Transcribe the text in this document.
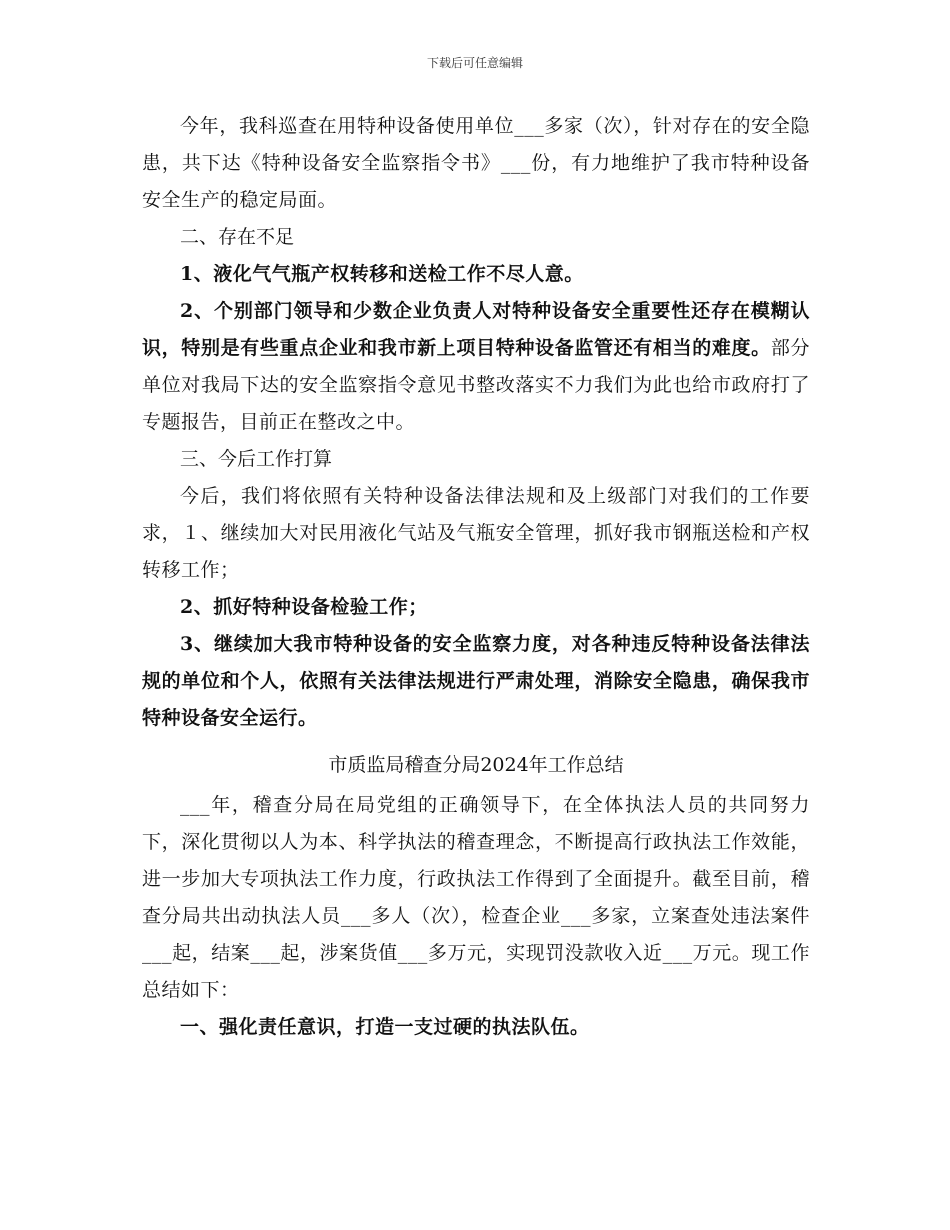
下载后可任意编辑

今年，我科巡查在用特种设备使用单位___多家（次），针对存在的安全隐患，共下达《特种设备安全监察指令书》___份，有力地维护了我市特种设备安全生产的稳定局面。

二、存在不足

1、液化气气瓶产权转移和送检工作不尽人意。

2、个别部门领导和少数企业负责人对特种设备安全重要性还存在模糊认识，特别是有些重点企业和我市新上项目特种设备监管还有相当的难度。部分单位对我局下达的安全监察指令意见书整改落实不力我们为此也给市政府打了专题报告，目前正在整改之中。

三、今后工作打算

今后，我们将依照有关特种设备法律法规和及上级部门对我们的工作要求，１、继续加大对民用液化气站及气瓶安全管理，抓好我市钢瓶送检和产权转移工作；

2、抓好特种设备检验工作；

3、继续加大我市特种设备的安全监察力度，对各种违反特种设备法律法规的单位和个人，依照有关法律法规进行严肃处理，消除安全隐患，确保我市特种设备安全运行。

市质监局稽查分局2024年工作总结

___年，稽查分局在局党组的正确领导下，在全体执法人员的共同努力下，深化贯彻以人为本、科学执法的稽查理念，不断提高行政执法工作效能，进一步加大专项执法工作力度，行政执法工作得到了全面提升。截至目前，稽查分局共出动执法人员___多人（次），检查企业___多家，立案查处违法案件___起，结案___起，涉案货值___多万元，实现罚没款收入近___万元。现工作总结如下：

一、强化责任意识，打造一支过硬的执法队伍。
